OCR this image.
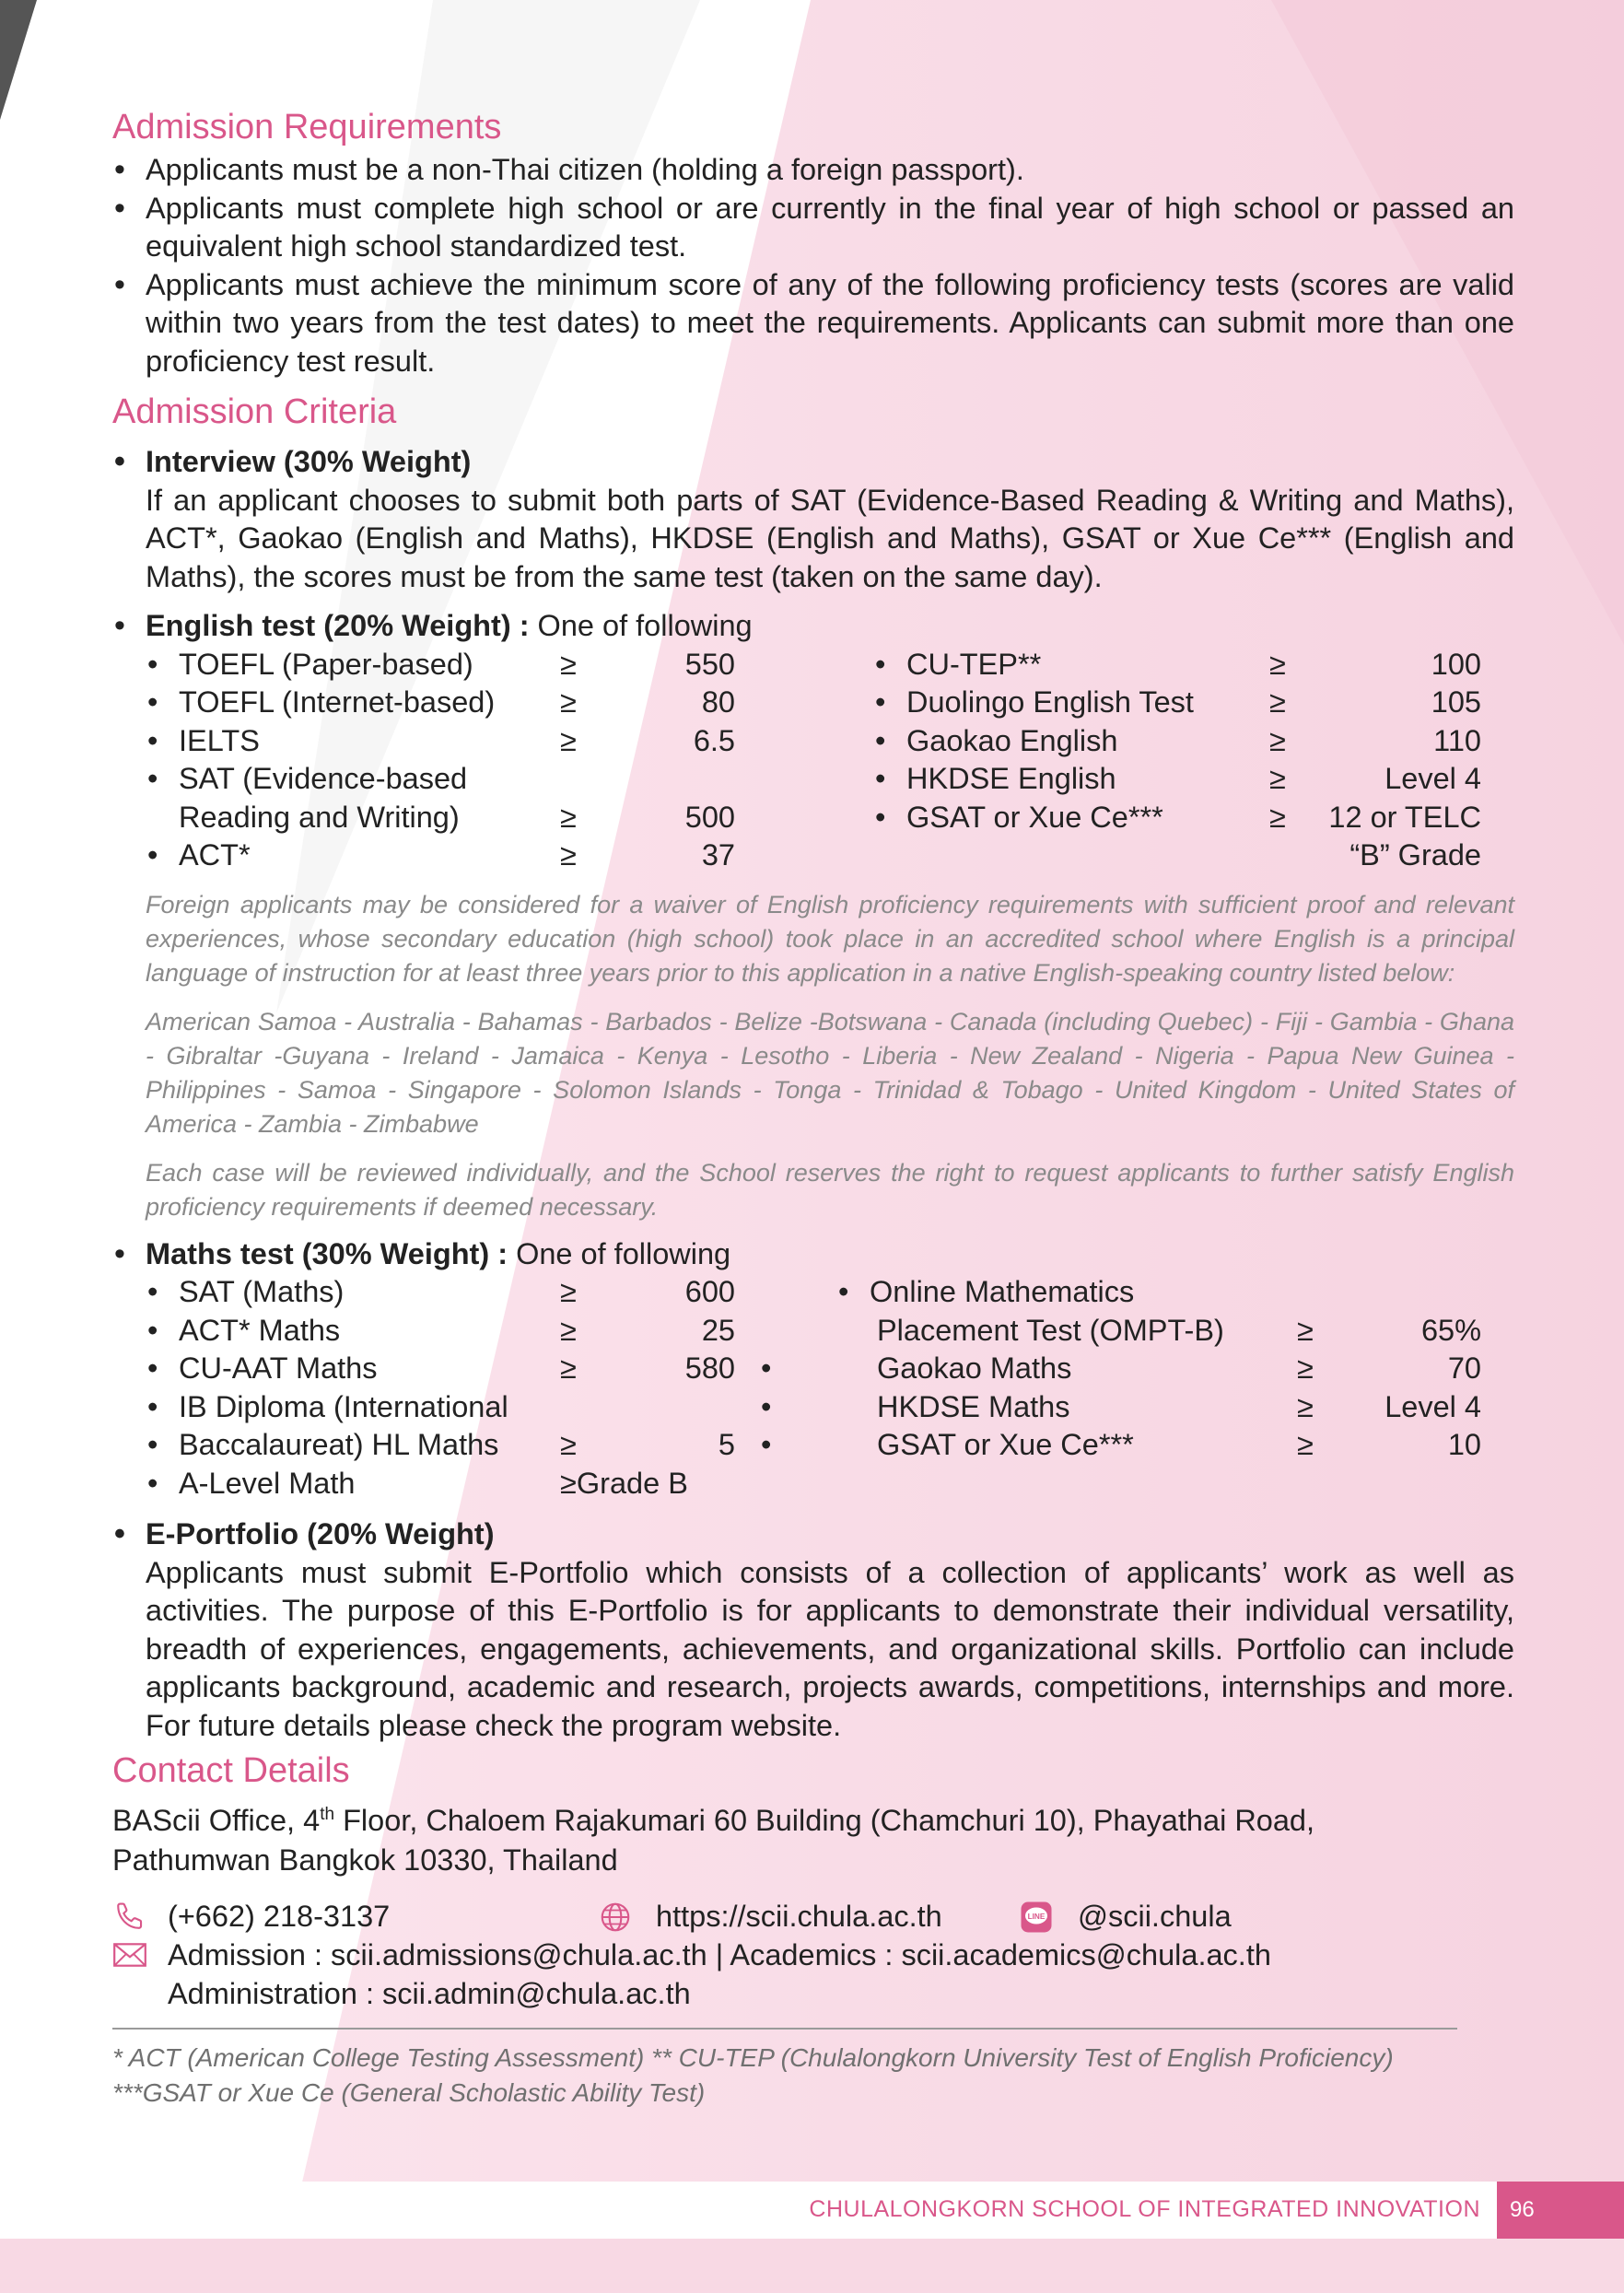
Admission Requirements
• Applicants must be a non-Thai citizen (holding a foreign passport).
• Applicants must complete high school or are currently in the final year of high school or passed an equivalent high school standardized test.
• Applicants must achieve the minimum score of any of the following proficiency tests (scores are valid within two years from the test dates) to meet the requirements. Applicants can submit more than one proficiency test result.
Admission Criteria
• Interview (30% Weight)
If an applicant chooses to submit both parts of SAT (Evidence-Based Reading & Writing and Maths), ACT*, Gaokao (English and Maths), HKDSE (English and Maths), GSAT or Xue Ce*** (English and Maths), the scores must be from the same test (taken on the same day).
• English test (20% Weight) : One of following
• TOEFL (Paper-based)	≥	550
• TOEFL (Internet-based) ≥	80
• IELTS	≥	6.5
• SAT (Evidence-based
Reading and Writing)	≥	500
• ACT*	≥	37
• CU-TEP**	≥	100
• Duolingo English Test	≥	105
• Gaokao English	≥	110
• HKDSE English	≥	Level 4
• GSAT or Xue Ce***	≥	12 or TELC
“B” Grade
Foreign applicants may be considered for a waiver of English proficiency requirements with sufficient proof and relevant experiences, whose secondary education (high school) took place in an accredited school where English is a principal language of instruction for at least three years prior to this application in a native English-speaking country listed below:
American Samoa - Australia - Bahamas - Barbados - Belize -Botswana - Canada (including Quebec) - Fiji - Gambia - Ghana - Gibraltar -Guyana - Ireland - Jamaica - Kenya - Lesotho - Liberia - New Zealand - Nigeria - Papua New Guinea - Philippines - Samoa - Singapore - Solomon Islands - Tonga - Trinidad & Tobago - United Kingdom - United States of America - Zambia - Zimbabwe
Each case will be reviewed individually, and the School reserves the right to request applicants to further satisfy English proficiency requirements if deemed necessary.
• Maths test (30% Weight) : One of following
• SAT (Maths)	≥	600
• ACT* Maths	≥	25
• CU-AAT Maths	≥	580
• IB Diploma (International
• Baccalaureat) HL Maths ≥	5
• A-Level Math	≥Grade B
• Online Mathematics
Placement Test (OMPT-B) ≥	65%
•	Gaokao Maths	≥	70
•	HKDSE Maths	≥	Level 4
•	GSAT or Xue Ce***	≥	10
• E-Portfolio (20% Weight)
Applicants must submit E-Portfolio which consists of a collection of applicants’ work as well as activities. The purpose of this E-Portfolio is for applicants to demonstrate their individual versatility, breadth of experiences, engagements, achievements, and organizational skills. Portfolio can include applicants background, academic and research, projects awards, competitions, internships and more. For future details please check the program website.
Contact Details
BAScii Office, 4th Floor, Chaloem Rajakumari 60 Building (Chamchuri 10), Phayathai Road,
Pathumwan Bangkok 10330, Thailand
(+662) 218-3137	https://scii.chula.ac.th	LINE @scii.chula
Admission : scii.admissions@chula.ac.th | Academics : scii.academics@chula.ac.th
Administration : scii.admin@chula.ac.th
* ACT (American College Testing Assessment) ** CU-TEP (Chulalongkorn University Test of English Proficiency)
***GSAT or Xue Ce (General Scholastic Ability Test)
CHULALONGKORN SCHOOL OF INTEGRATED INNOVATION	96
